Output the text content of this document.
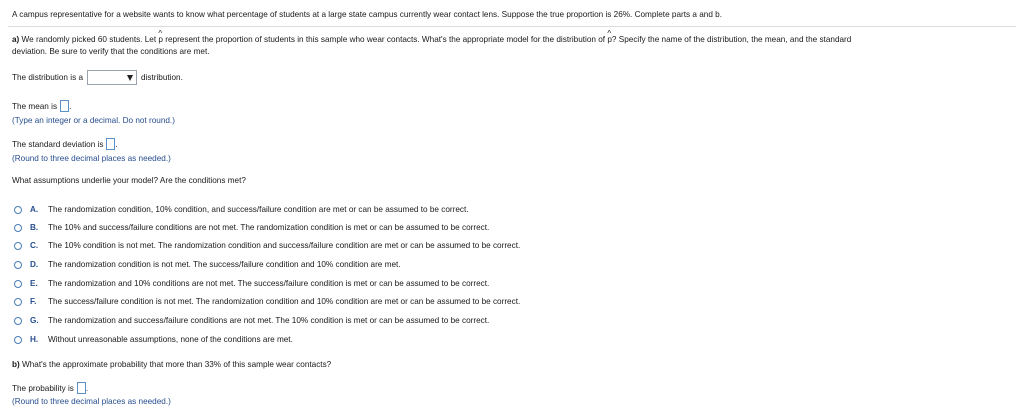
A campus representative for a website wants to know what percentage of students at a large state campus currently wear contact lens. Suppose the true proportion is 26%. Complete parts a and b.
a) We randomly picked 60 students. Let ^ p represent the proportion of students in this sample who wear contacts. What's the appropriate model for the distribution of ^ p? Specify the name of the distribution, the mean, and the standard
deviation. Be sure to verify that the conditions are met.
The distribution is a	distribution.
The mean is .
(Type an integer or a decimal. Do not round.)
The standard deviation is .
(Round to three decimal places as needed.)
What assumptions underlie your model? Are the conditions met?
A.	The randomization condition, 10% condition, and success/failure condition are met or can be assumed to be correct.
B.	The 10% and success/failure conditions are not met. The randomization condition is met or can be assumed to be correct.
C.	The 10% condition is not met. The randomization condition and success/failure condition are met or can be assumed to be correct.
D.	The randomization condition is not met. The success/failure condition and 10% condition are met.
E.	The randomization and 10% conditions are not met. The success/failure condition is met or can be assumed to be correct.
F.	The success/failure condition is not met. The randomization condition and 10% condition are met or can be assumed to be correct.
G.	The randomization and success/failure conditions are not met. The 10% condition is met or can be assumed to be correct.
H.	Without unreasonable assumptions, none of the conditions are met.
b) What's the approximate probability that more than 33% of this sample wear contacts?
The probability is .
(Round to three decimal places as needed.)
